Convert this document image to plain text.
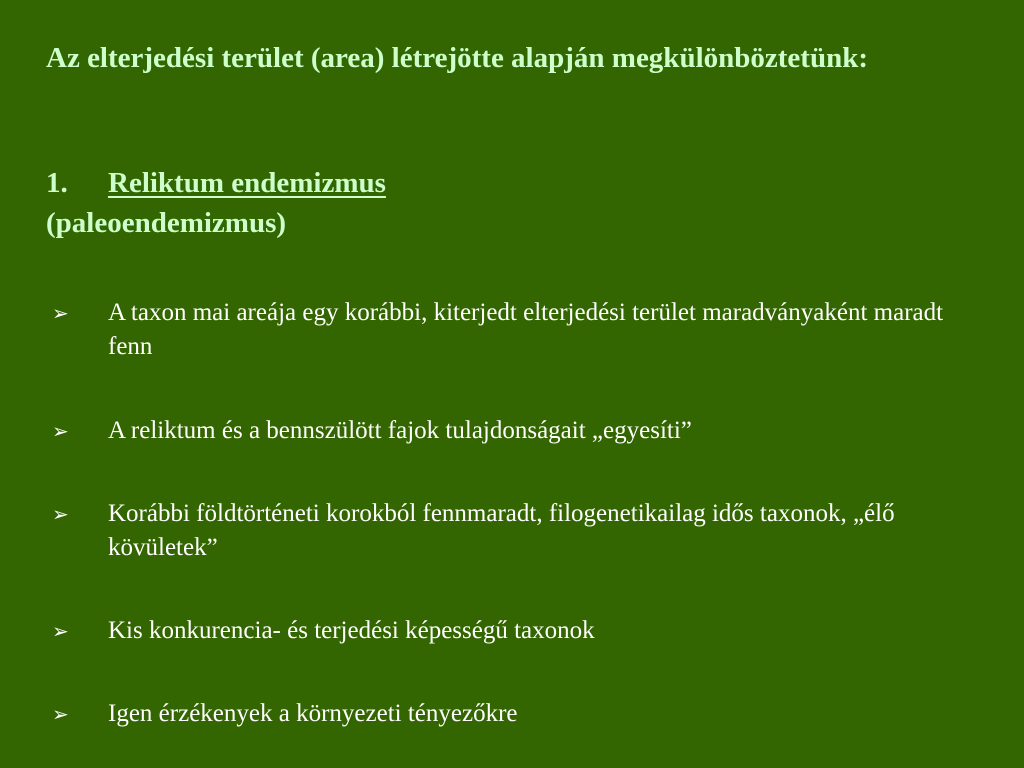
Az elterjedési terület (area) létrejötte alapján megkülönböztetünk:
1.	Reliktum endemizmus
(paleoendemizmus)
➢ A taxon mai areája egy korábbi, kiterjedt elterjedési terület maradványaként maradt fenn
➢ A reliktum és a bennszülött fajok tulajdonságait „egyesíti”
➢ Korábbi földtörténeti korokból fennmaradt, filogenetikailag idős taxonok, „élő kövületek”
➢ Kis konkurencia- és terjedési képességű taxonok
➢ Igen érzékenyek a környezeti tényezőkre
